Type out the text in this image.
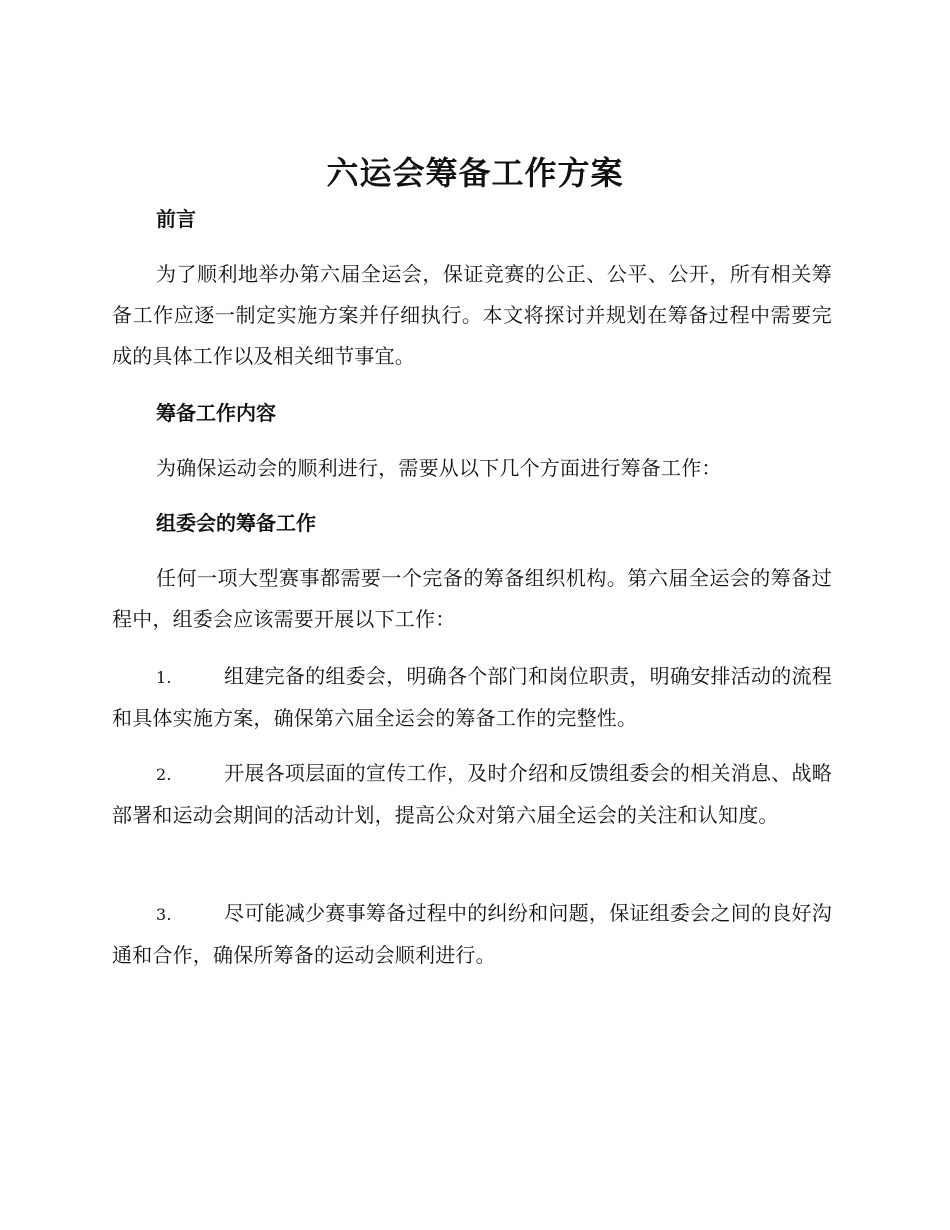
六运会筹备工作方案
前言

为了顺利地举办第六届全运会，保证竞赛的公正、公平、公开，所有相关筹备工作应逐一制定实施方案并仔细执行。本文将探讨并规划在筹备过程中需要完成的具体工作以及相关细节事宜。

筹备工作内容

为确保运动会的顺利进行，需要从以下几个方面进行筹备工作：

组委会的筹备工作

任何一项大型赛事都需要一个完备的筹备组织机构。第六届全运会的筹备过程中，组委会应该需要开展以下工作：

1.	组建完备的组委会，明确各个部门和岗位职责，明确安排活动的流程和具体实施方案，确保第六届全运会的筹备工作的完整性。

2.	开展各项层面的宣传工作，及时介绍和反馈组委会的相关消息、战略部署和运动会期间的活动计划，提高公众对第六届全运会的关注和认知度。

3.	尽可能减少赛事筹备过程中的纠纷和问题，保证组委会之间的良好沟通和合作，确保所筹备的运动会顺利进行。
